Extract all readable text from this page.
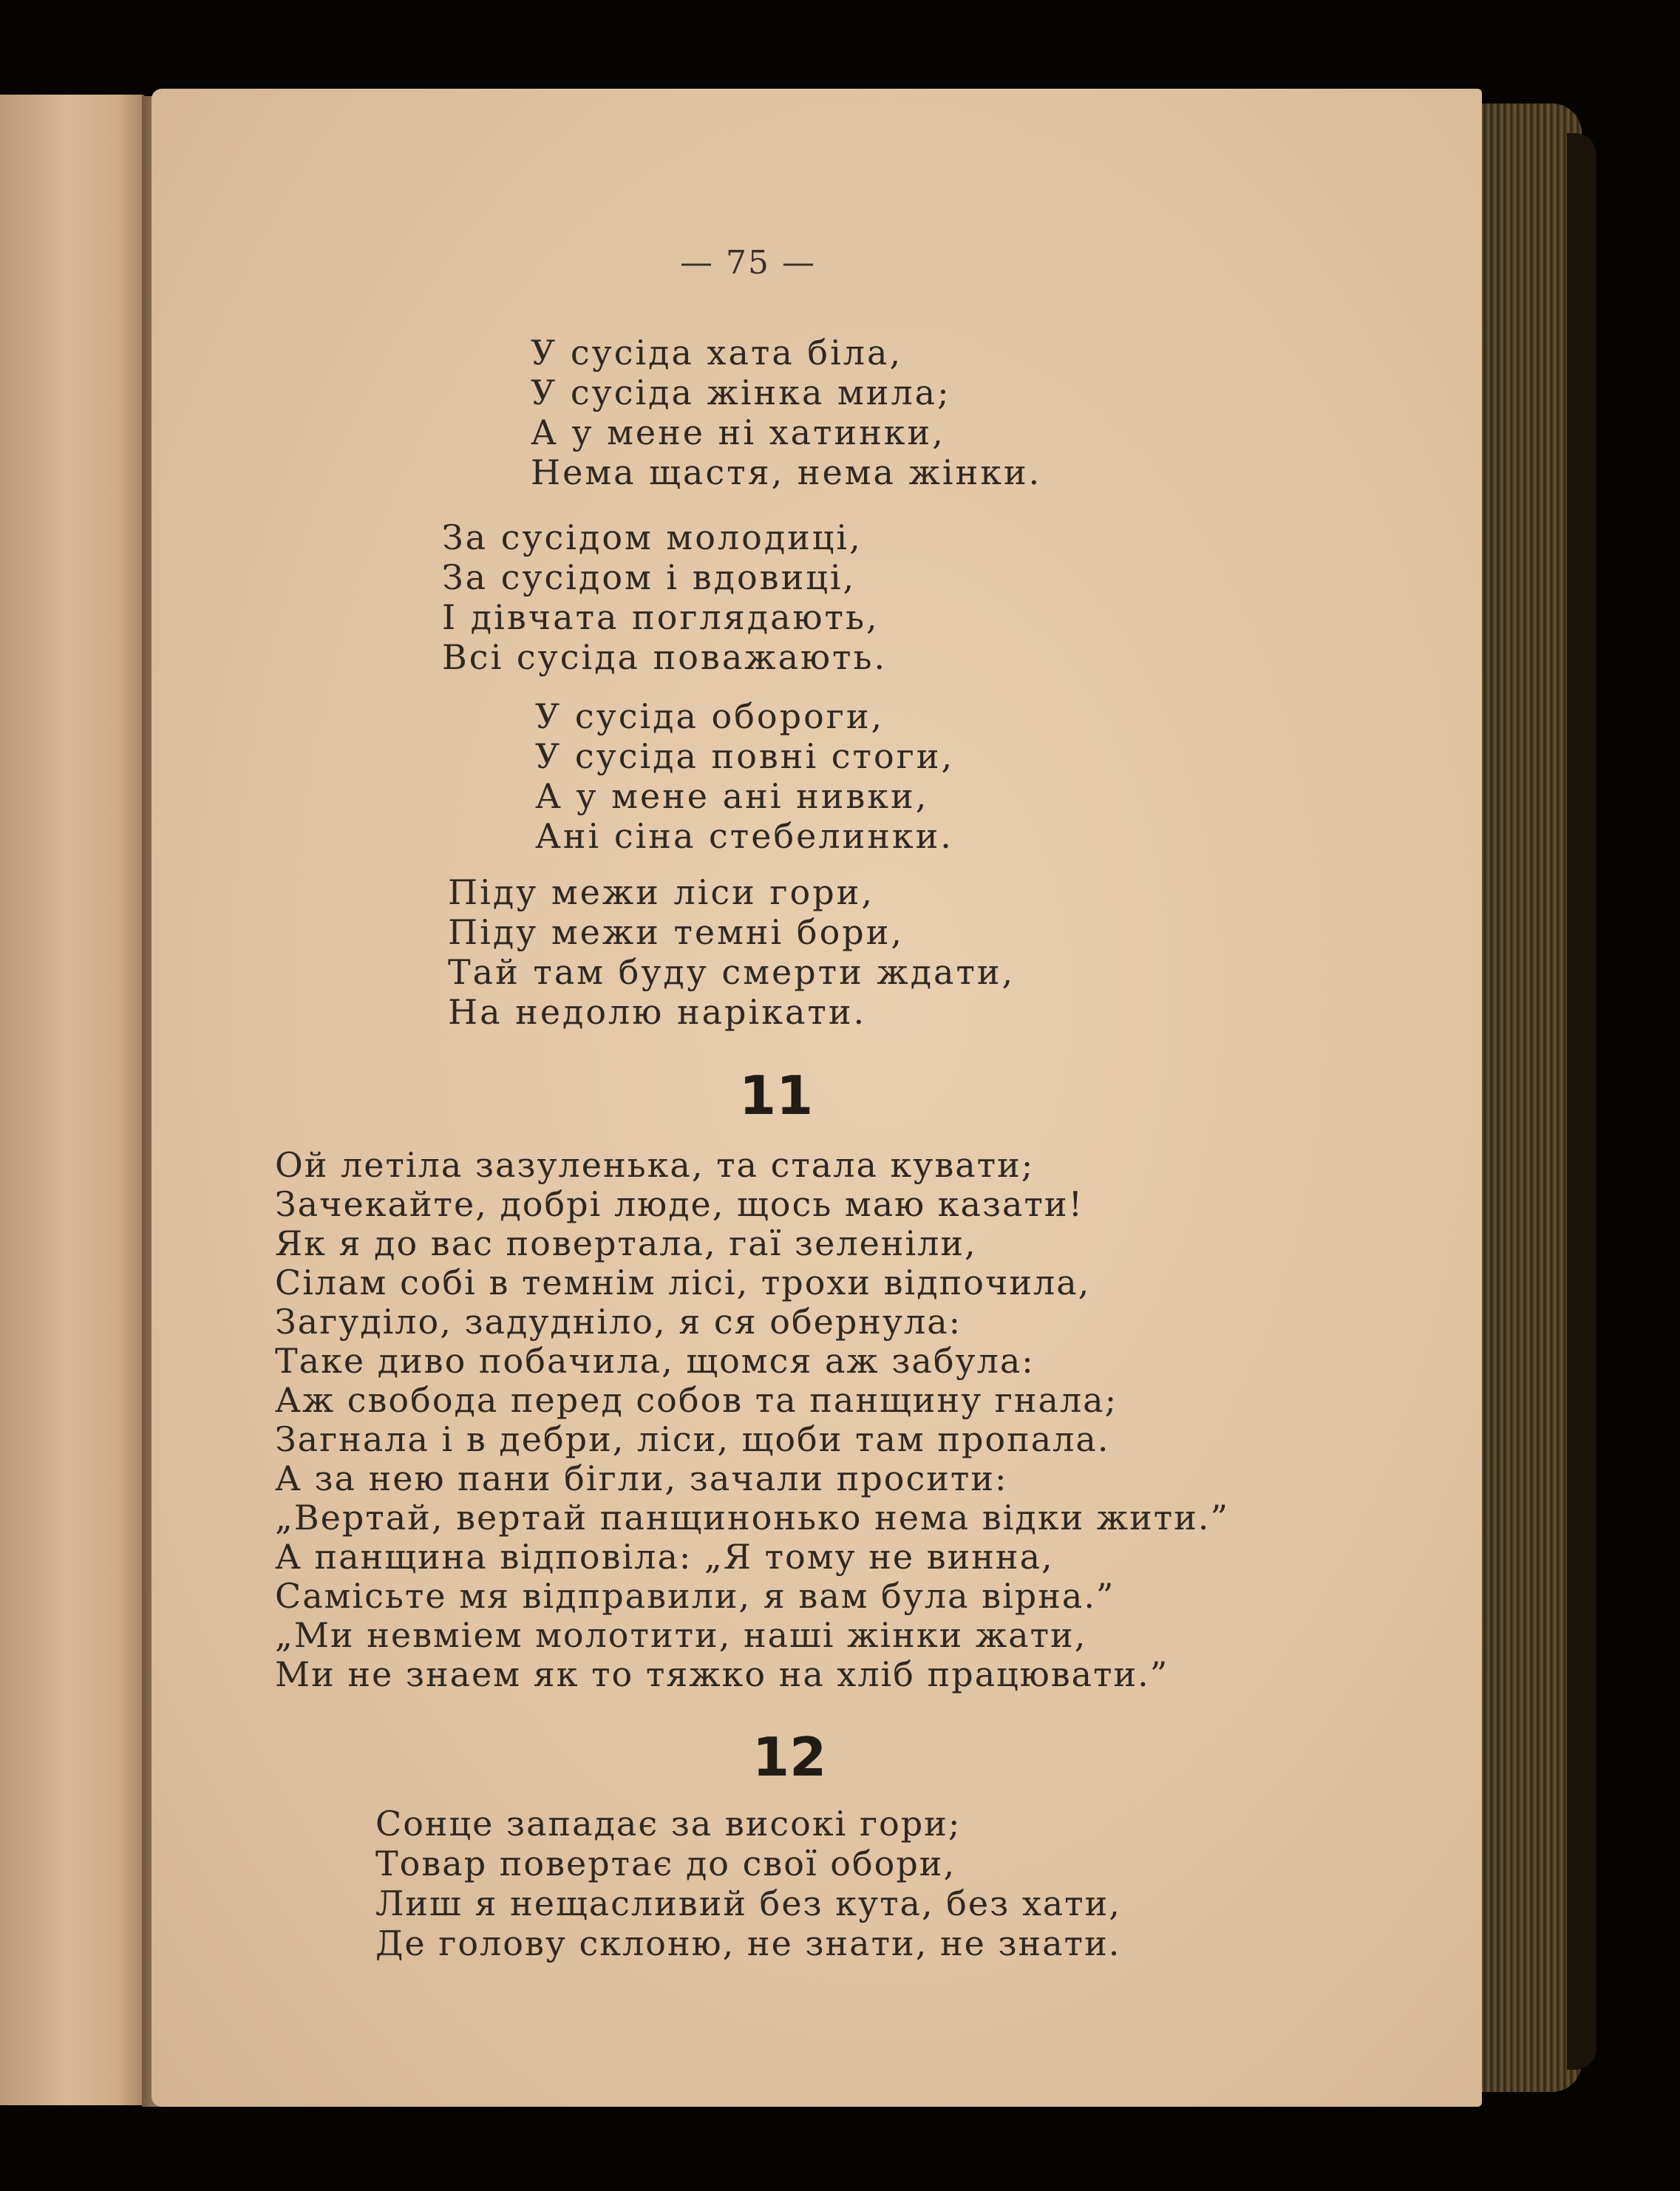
— 75 —
У сусіда хата біла,
У сусіда жінка мила;
А у мене ні хатинки,
Нема щастя, нема жінки.
За сусідом молодиці,
За сусідом і вдовиці,
І дівчата поглядають,
Всі сусіда поважають.
У сусіда обороги,
У сусіда повні стоги,
А у мене ані нивки,
Ані сіна стебелинки.
Піду межи ліси гори,
Піду межи темні бори,
Тай там буду смерти ждати,
На недолю нарікати.
11
Ой летіла зазуленька, та стала кувати;
Зачекайте, добрі люде, щось маю казати!
Як я до вас повертала, гаї зеленіли,
Сілам собі в темнім лісі, трохи відпочила,
Загуділо, задудніло, я ся обернула:
Таке диво побачила, щомся аж забула:
Аж свобода перед собов та панщину гнала;
Загнала і в дебри, ліси, щоби там пропала.
А за нею пани бігли, зачали просити:
„Вертай, вертай панщинонько нема відки жити.”
А панщина відповіла: „Я тому не винна,
Самісьте мя відправили, я вам була вірна.”
„Ми невміем молотити, наші жінки жати,
Ми не знаем як то тяжко на хліб працювати.”
12
Сонце западає за високі гори;
Товар повертає до свої обори,
Лиш я нещасливий без кута, без хати,
Де голову склоню, не знати, не знати.
